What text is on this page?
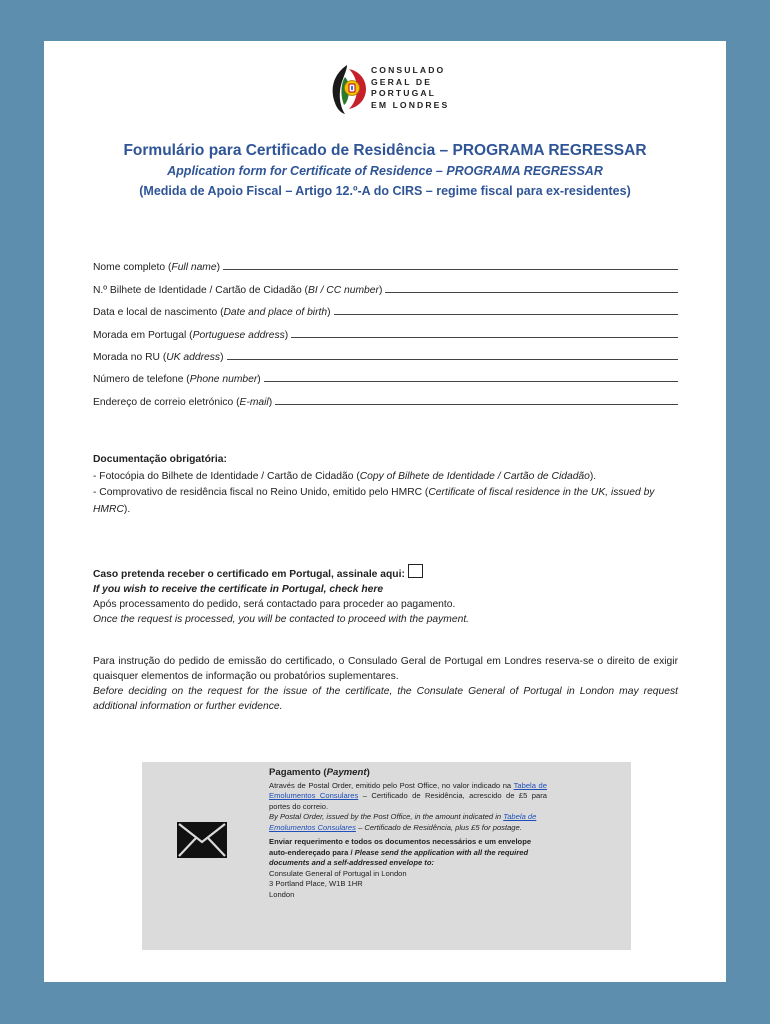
CONSULADO
GERAL DE
PORTUGAL
EM LONDRES
Formulário para Certificado de Residência – PROGRAMA REGRESSAR
Application form for Certificate of Residence – PROGRAMA REGRESSAR
(Medida de Apoio Fiscal – Artigo 12.º-A do CIRS – regime fiscal para ex-residentes)
Nome completo ( Full name )
N.º Bilhete de Identidade / Cartão de Cidadão ( BI / CC number )
Data e local de nascimento ( Date and place of birth )
Morada em Portugal ( Portuguese address )
Morada no RU ( UK address )
Número de telefone ( Phone number )
Endereço de correio eletrónico ( E-mail )
Documentação obrigatória:
- Fotocópia do Bilhete de Identidade / Cartão de Cidadão (Copy of Bilhete de Identidade / Cartão de Cidadão).
- Comprovativo de residência fiscal no Reino Unido, emitido pelo HMRC (Certificate of fiscal residence in the UK, issued by HMRC).
Caso pretenda receber o certificado em Portugal, assinale aqui:
If you wish to receive the certificate in Portugal, check here
Após processamento do pedido, será contactado para proceder ao pagamento.
Once the request is processed, you will be contacted to proceed with the payment.
Para instrução do pedido de emissão do certificado, o Consulado Geral de Portugal em Londres reserva-se o direito de exigir quaisquer elementos de informação ou probatórios suplementares.
Before deciding on the request for the issue of the certificate, the Consulate General of Portugal in London may request additional information or further evidence.
Pagamento (Payment)
Através de Postal Order, emitido pelo Post Office, no valor indicado na Tabela de Emolumentos Consulares – Certificado de Residência, acrescido de £5 para portes do correio.
By Postal Order, issued by the Post Office, in the amount indicated in Tabela de Emolumentos Consulares – Certificado de Residência, plus £5 for postage.
Enviar requerimento e todos os documentos necessários e um envelope auto-endereçado para / Please send the application with all the required documents and a self-addressed envelope to:
Consulate General of Portugal in London
3 Portland Place, W1B 1HR
London
